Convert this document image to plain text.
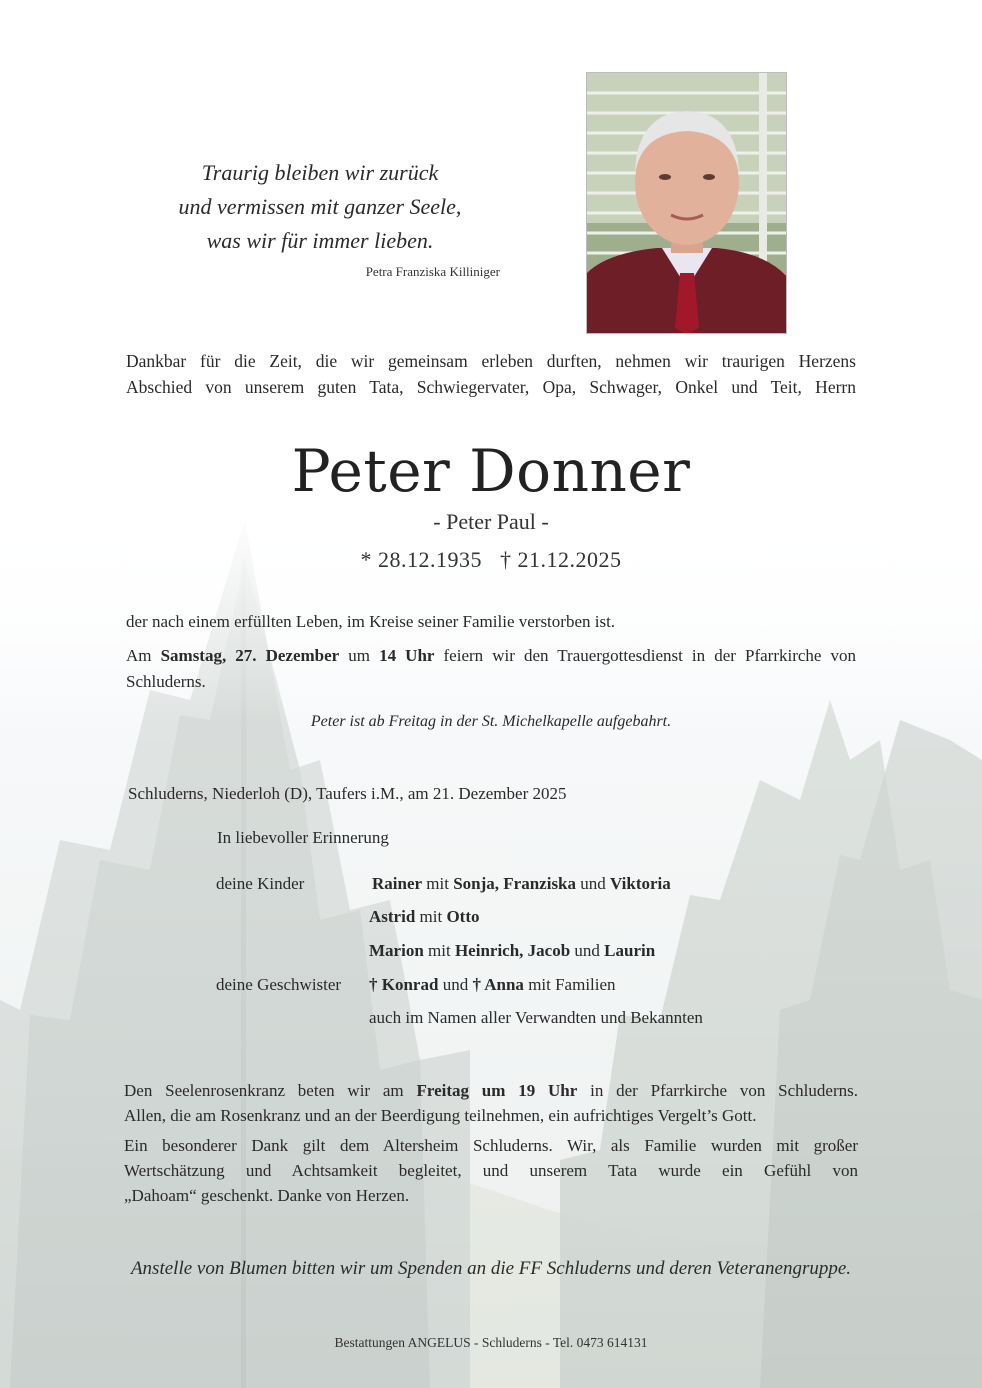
Traurig bleiben wir zurück
und vermissen mit ganzer Seele,
was wir für immer lieben.
Petra Franziska Killiniger
Dankbar für die Zeit, die wir gemeinsam erleben durften, nehmen wir traurigen Herzens
Abschied von unserem guten Tata, Schwiegervater, Opa, Schwager, Onkel und Teit, Herrn
Peter Donner
- Peter Paul -
* 28.12.1935   † 21.12.2025
der nach einem erfüllten Leben, im Kreise seiner Familie verstorben ist.
Am Samstag, 27. Dezember um 14 Uhr feiern wir den Trauergottesdienst in der Pfarrkirche von Schluderns.
Peter ist ab Freitag in der St. Michelkapelle aufgebahrt.
Schluderns, Niederloh (D), Taufers i.M., am 21. Dezember 2025
In liebevoller Erinnerung
deine Kinder	Rainer mit Sonja, Franziska und Viktoria
Astrid mit Otto
Marion mit Heinrich, Jacob und Laurin
deine Geschwister † Konrad und † Anna mit Familien
auch im Namen aller Verwandten und Bekannten
Den Seelenrosenkranz beten wir am Freitag um 19 Uhr in der Pfarrkirche von Schluderns.
Allen, die am Rosenkranz und an der Beerdigung teilnehmen, ein aufrichtiges Vergelt’s Gott.
Ein besonderer Dank gilt dem Altersheim Schluderns. Wir, als Familie wurden mit großer
Wertschätzung und Achtsamkeit begleitet, und unserem Tata wurde ein Gefühl von
„Dahoam“ geschenkt. Danke von Herzen.
Anstelle von Blumen bitten wir um Spenden an die FF Schluderns und deren Veteranengruppe.
Bestattungen ANGELUS - Schluderns - Tel. 0473 614131
